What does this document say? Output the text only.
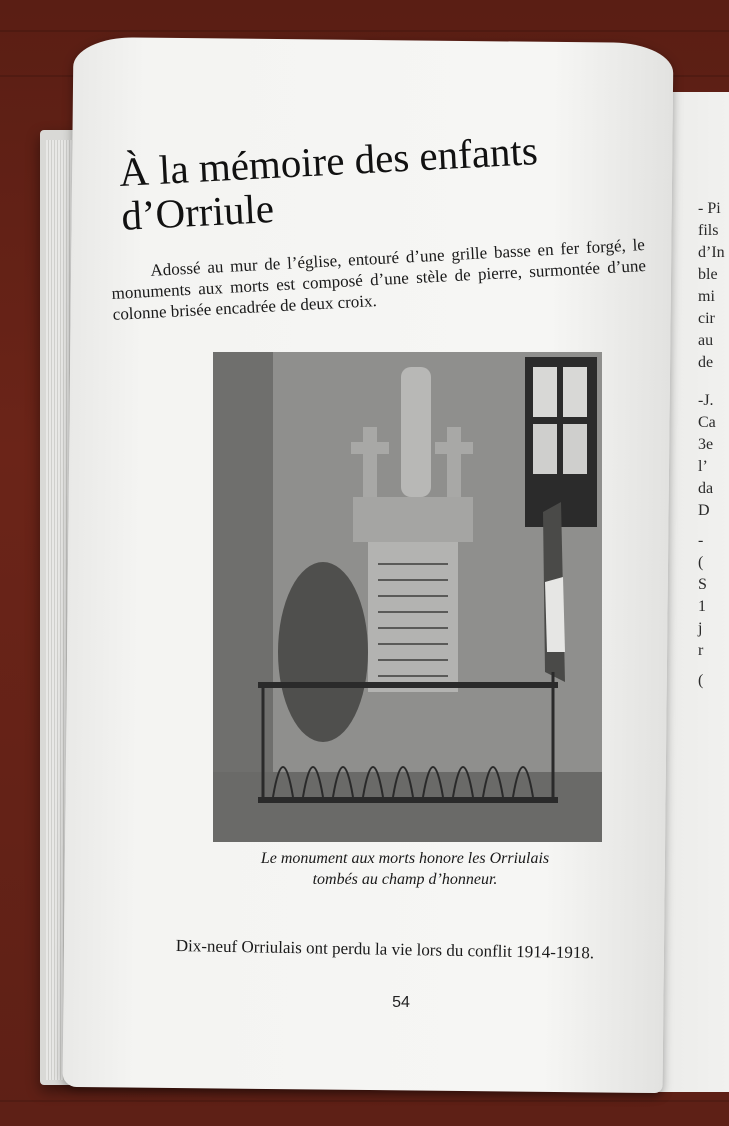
- Pi
fils
d’In
ble
mi
cir
au
de
-J.
Ca
3e
l’
da
D
-
(
S
1
j
r
(
À la mémoire des enfants
d’Orriule

Adossé au mur de l’église, entouré d’une grille basse en fer forgé, le monuments aux morts est composé d’une stèle de pierre, surmontée d’une colonne brisée encadrée de deux croix.

Le monument aux morts honore les Orriulais
tombés au champ d’honneur.
Dix-neuf Orriulais ont perdu la vie lors du conflit 1914-1918.
54
